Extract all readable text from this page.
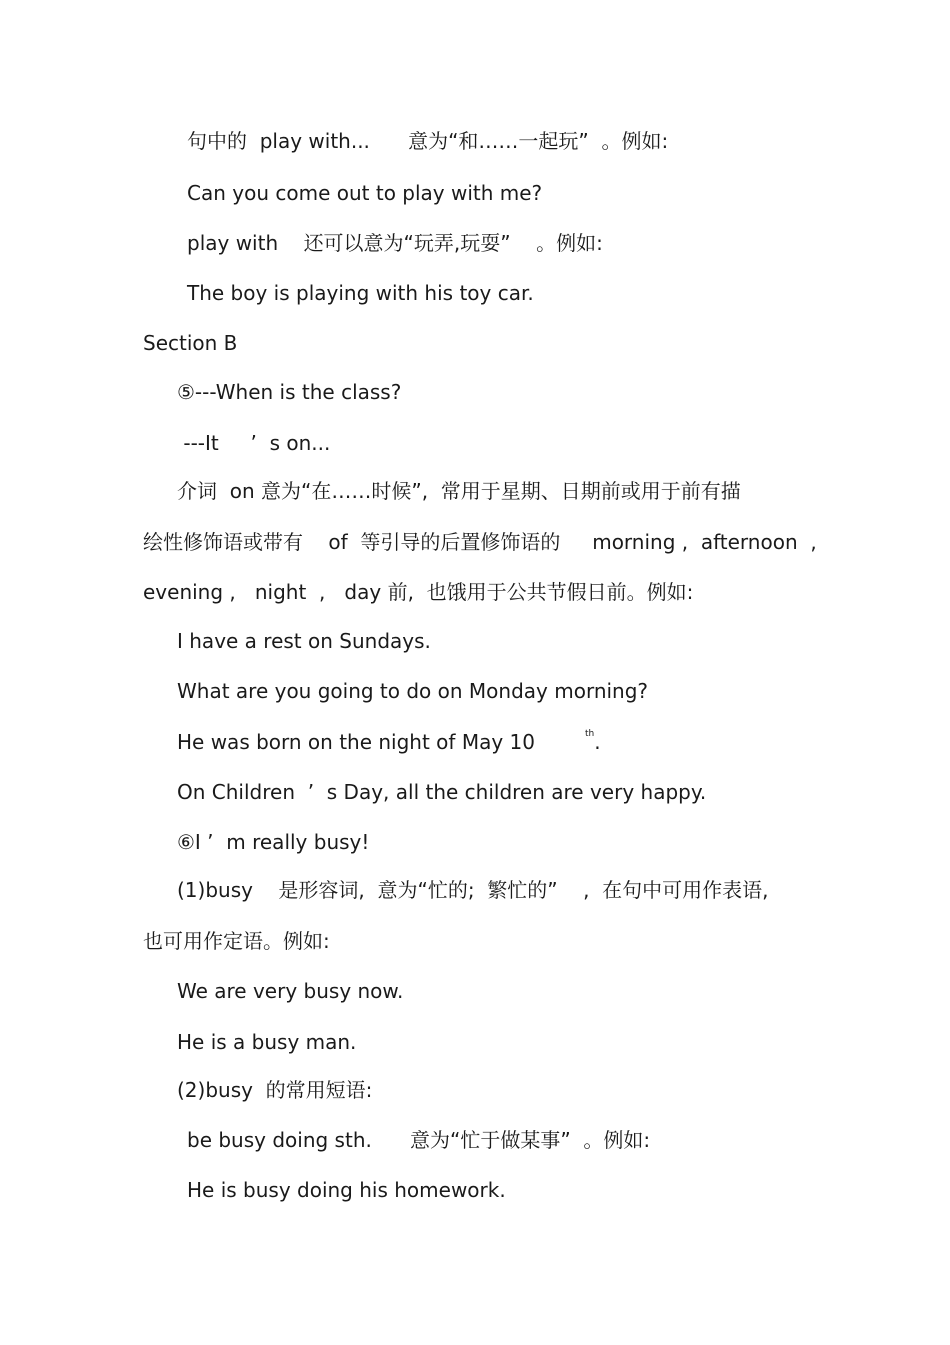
句中的  play with...      意为“和……一起玩”  。例如:
Can you come out to play with me?
play with    还可以意为“玩弄,玩耍”    。例如:
The boy is playing with his toy car.
Section B
⑤---When is the class?
---It     ’  s on...
介词  on 意为“在……时候”,  常用于星期、日期前或用于前有描
绘性修饰语或带有    of  等引导的后置修饰语的     morning ,  afternoon  ,
evening ,   night  ,   day 前,  也饿用于公共节假日前。例如:
I have a rest on Sundays.
What are you going to do on Monday morning?
He was born on the night of May 10	$^{th}$.
On Children  ’  s Day, all the children are very happy.
⑥I ’  m really busy!
(1)busy    是形容词,  意为“忙的;  繁忙的”    ,  在句中可用作表语,
也可用作定语。例如:
We are very busy now.
He is a busy man.
(2)busy  的常用短语:
be busy doing sth.      意为“忙于做某事”  。例如:
He is busy doing his homework.
